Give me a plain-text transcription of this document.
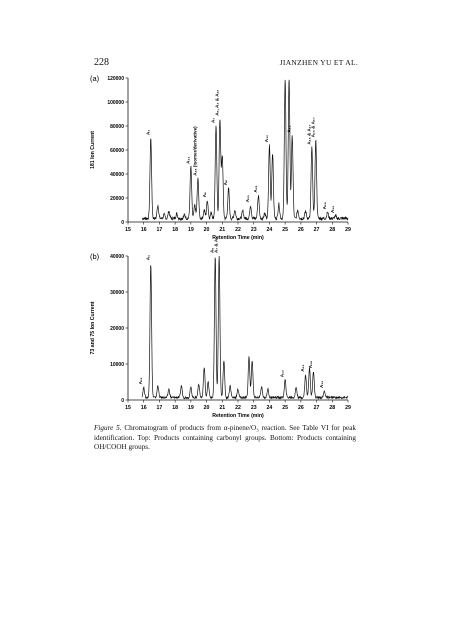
228	JIANZHEN YU ET AL.
(a)
0
20000
40000
60000
80000
100000
120000
15 16 17 18 19 20 21 22 23 24 25 26 27 28 29
Retention Time (min)
181 Ion Current	A₁
A₁₂ A₁₈ (isomer/derivative)
A₆
A₇
A₅, A₄ & A₁₀
A₈
A₁₁
A₂₁
A₁₂
A₁₆	A₁₆ & A₁₇
A₁₆ & A₁₇
A₁₈ A₁₉
(b)
0
10000
20000
30000
40000
15 16 17 18 19 20 21 22 23 24 25 26 27 28 29
Retention Time (min)
73 and 75 Ion Current
A₁₁
A₁
A₆
A₇ & A₈
A₁₂
A₁₃ A₁₈
A₁₉
Figure 5. Chromatogram of products from α-pinene/O₃ reaction. See Table VI for peak identification. Top: Products containing carbonyl groups. Bottom: Products containing OH/COOH groups.
